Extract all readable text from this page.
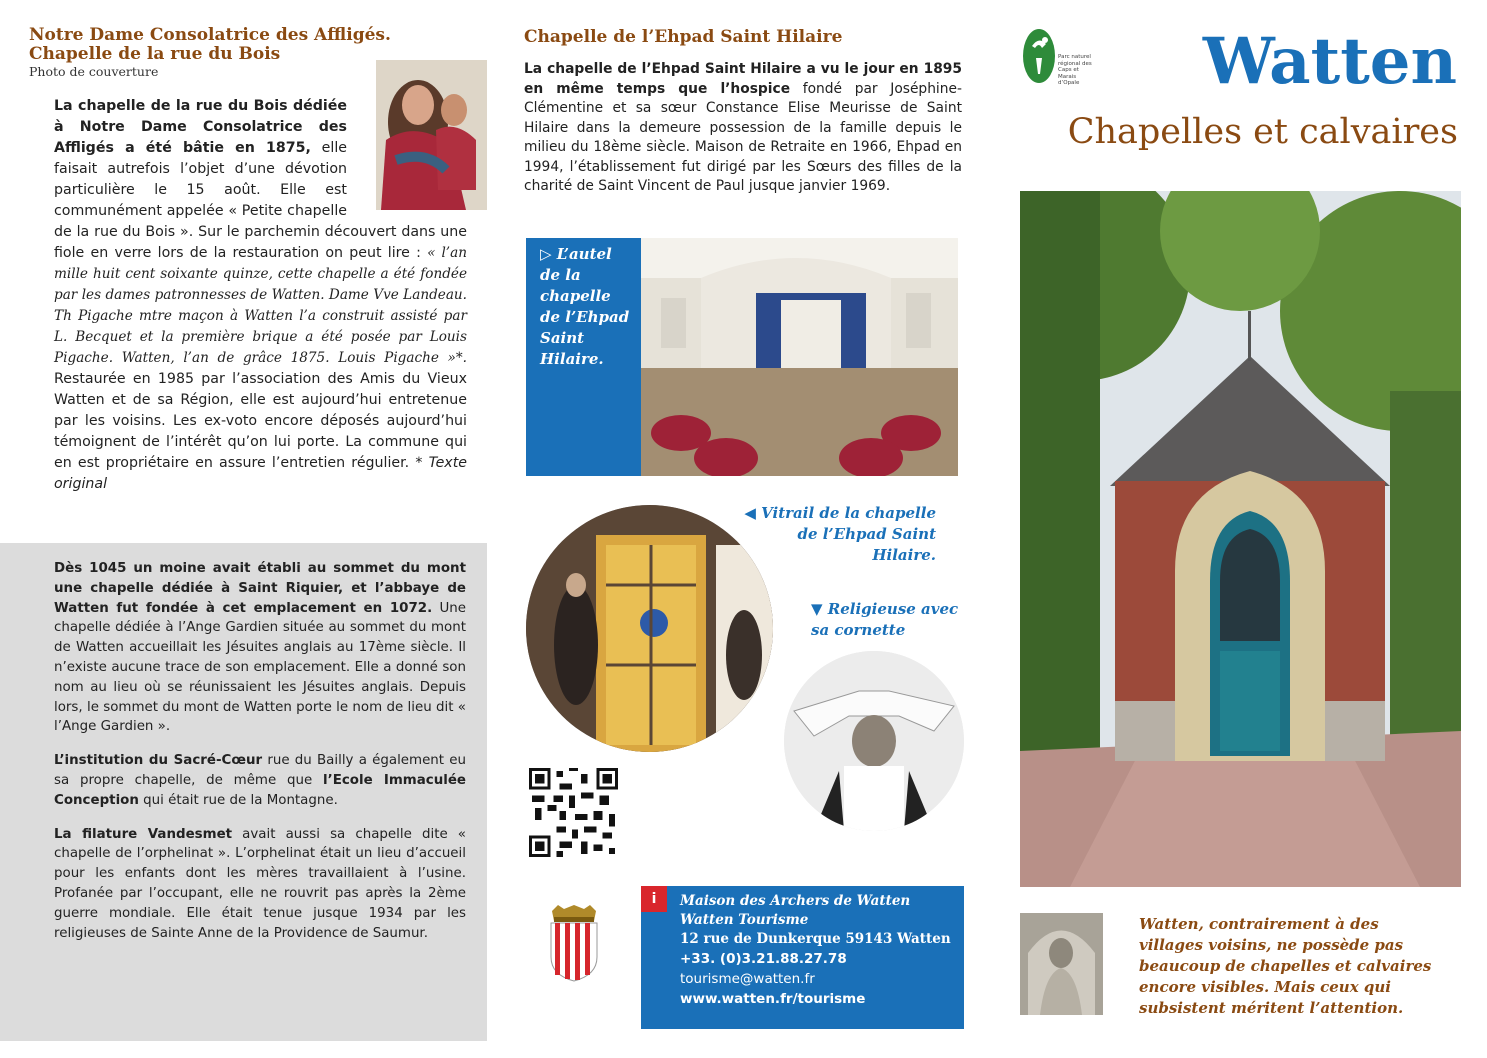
Notre Dame Consolatrice des Affligés.
Chapelle de la rue du Bois
Photo de couverture
La chapelle de la rue du Bois dédiée à Notre Dame Consolatrice des Affligés a été bâtie en 1875, elle faisait autrefois l’objet d’une dévotion particulière le 15 août. Elle est communément appelée « Petite chapelle de la rue du Bois ». Sur le parchemin découvert dans une fiole en verre lors de la restauration on peut lire : « l’an mille huit cent soixante quinze, cette chapelle a été fondée par les dames patronnesses de Watten. Dame Vve Landeau. Th Pigache mtre maçon à Watten l’a construit assisté par L. Becquet et la première brique a été posée par Louis Pigache. Watten, l’an de grâce 1875. Louis Pigache »*. Restaurée en 1985 par l’association des Amis du Vieux Watten et de sa Région, elle est aujourd’hui entretenue par les voisins. Les ex-voto encore déposés aujourd’hui témoignent de l’intérêt qu’on lui porte. La commune qui en est propriétaire en assure l’entretien régulier. * Texte original

Dès 1045 un moine avait établi au sommet du mont une chapelle dédiée à Saint Riquier, et l’abbaye de Watten fut fondée à cet emplacement en 1072. Une chapelle dédiée à l’Ange Gardien située au sommet du mont de Watten accueillait les Jésuites anglais au 17ème siècle. Il n’existe aucune trace de son emplacement. Elle a donné son nom au lieu où se réunissaient les Jésuites anglais. Depuis lors, le sommet du mont de Watten porte le nom de lieu dit « l’Ange Gardien ».

L’institution du Sacré-Cœur rue du Bailly a également eu sa propre chapelle, de même que l’Ecole Immaculée Conception qui était rue de la Montagne.

La filature Vandesmet avait aussi sa chapelle dite « chapelle de l’orphelinat ». L’orphelinat était un lieu d’accueil pour les enfants dont les mères travaillaient à l’usine. Profanée par l’occupant, elle ne rouvrit pas après la 2ème guerre mondiale. Elle était tenue jusque 1934 par les religieuses de Sainte Anne de la Providence de Saumur.

Chapelle de l’Ehpad Saint Hilaire
La chapelle de l’Ehpad Saint Hilaire a vu le jour en 1895 en même temps que l’hospice fondé par Joséphine-Clémentine et sa sœur Constance Elise Meurisse de Saint Hilaire dans la demeure possession de la famille depuis le milieu du 18ème siècle. Maison de Retraite en 1966, Ehpad en 1994, l’établissement fut dirigé par les Sœurs des filles de la charité de Saint Vincent de Paul jusque janvier 1969.
▷ L’autel de la chapelle de l’Ehpad Saint Hilaire.
◀ Vitrail de la chapelle de l’Ehpad Saint Hilaire.
▼ Religieuse avec sa cornette
i	Maison des Archers de Watten
Watten Tourisme
12 rue de Dunkerque 59143 Watten
+33. (0)3.21.88.27.78
tourisme@watten.fr
www.watten.fr/tourisme
Parc naturel régional des Caps et Marais d’Opale Watten
Chapelles et calvaires
Watten, contrairement à des villages voisins, ne possède pas beaucoup de chapelles et calvaires encore visibles. Mais ceux qui subsistent méritent l’attention.
